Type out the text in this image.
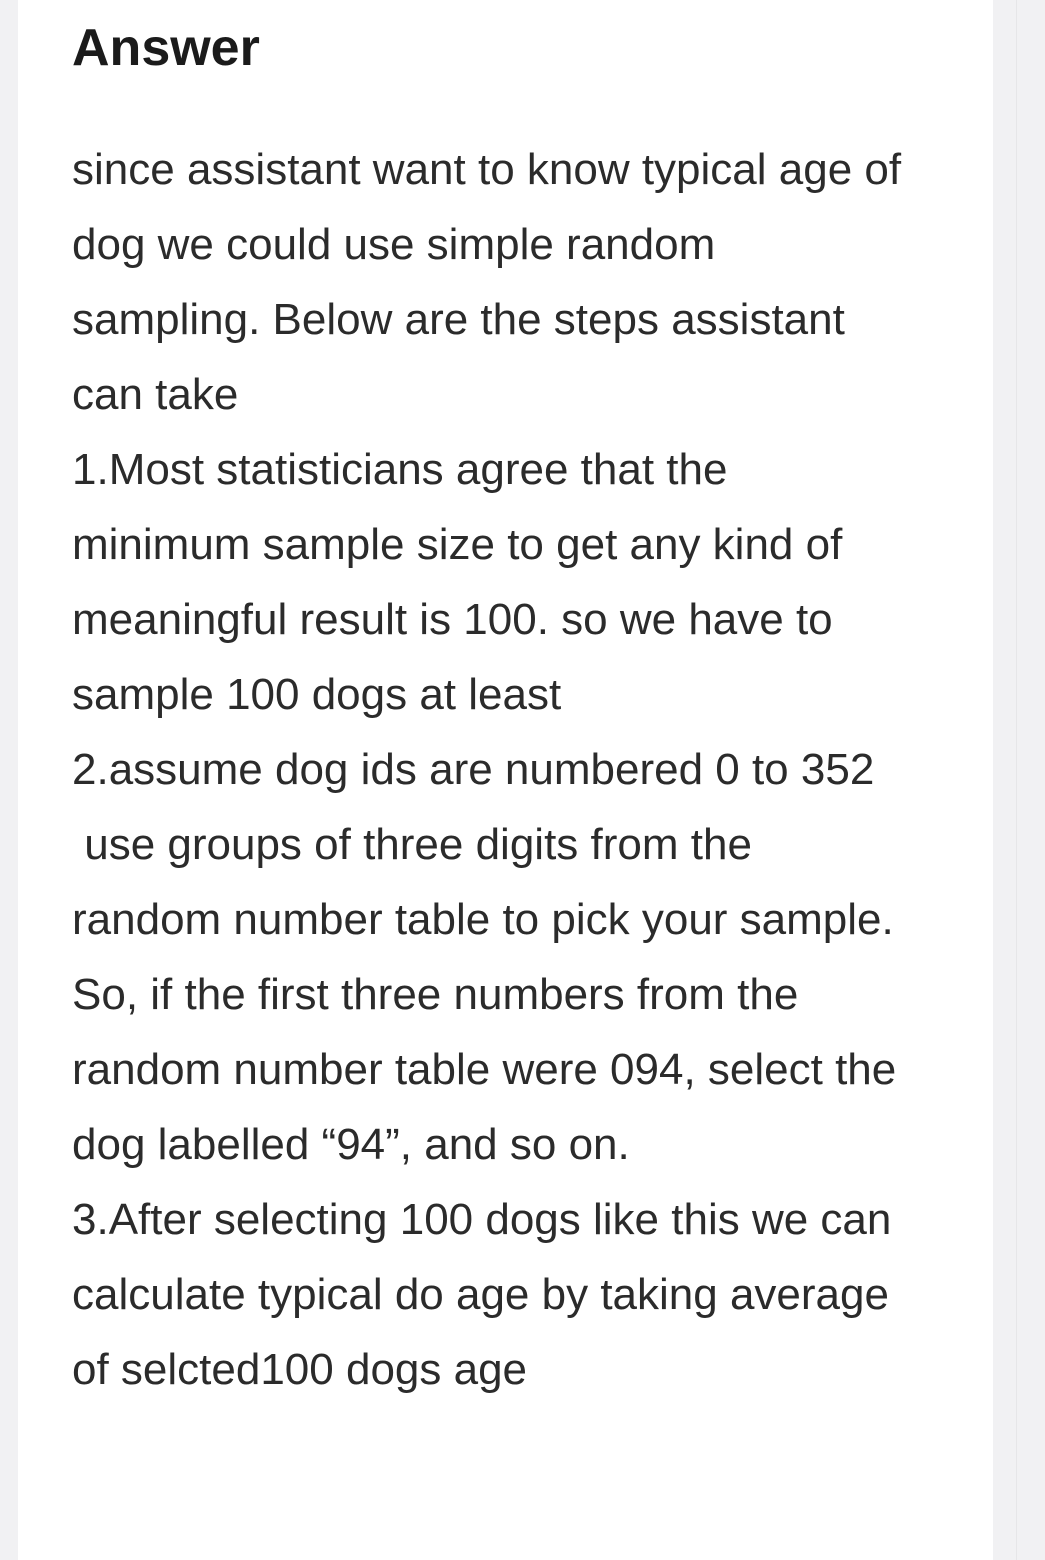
Answer
since assistant want to know typical age of
dog we could use simple random
sampling. Below are the steps assistant
can take
1.Most statisticians agree that the
minimum sample size to get any kind of
meaningful result is 100. so we have to
sample 100 dogs at least
2.assume dog ids are numbered 0 to 352
use groups of three digits from the
random number table to pick your sample.
So, if the first three numbers from the
random number table were 094, select the
dog labelled “94”, and so on.
3.After selecting 100 dogs like this we can
calculate typical do age by taking average
of selcted100 dogs age
